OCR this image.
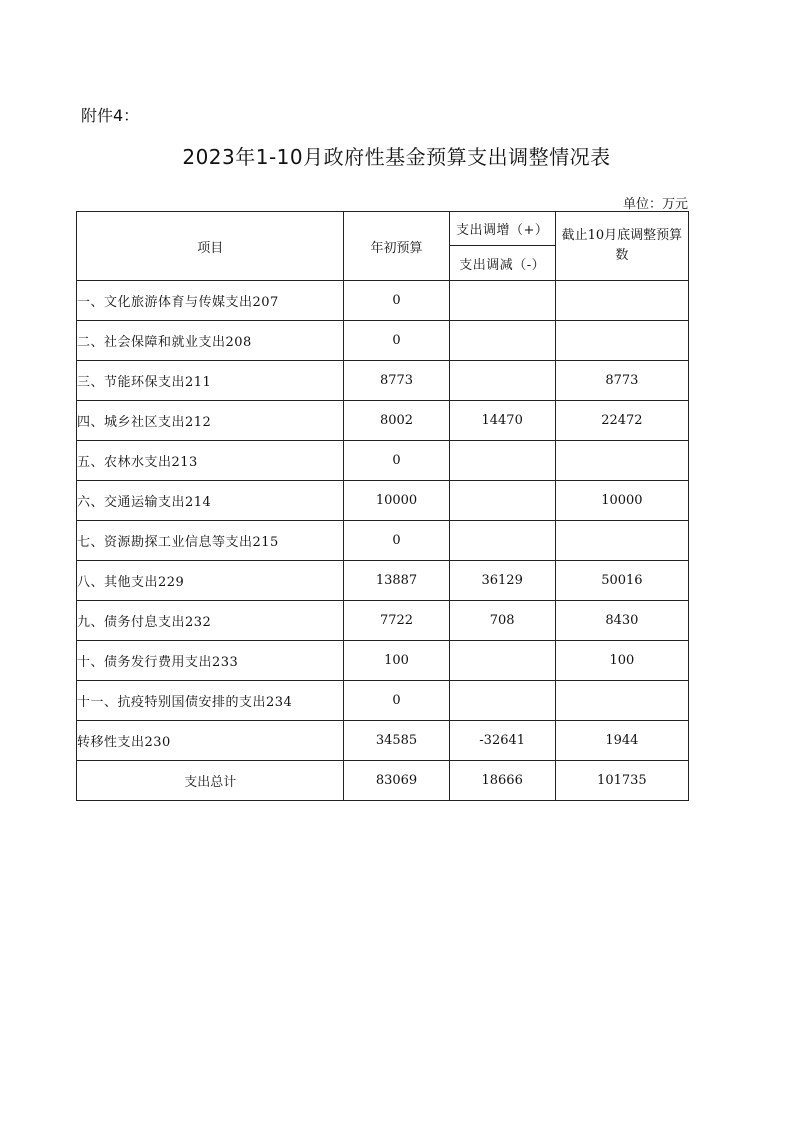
附件4：
2023年1-10月政府性基金预算支出调整情况表
单位：万元
项目	年初预算	支出调增（+）	截止10月底调整预算数
		支出调减（-）	
一、文化旅游体育与传媒支出207	0		
二、社会保障和就业支出208	0		
三、节能环保支出211	8773		8773
四、城乡社区支出212	8002	14470	22472
五、农林水支出213	0		
六、交通运输支出214	10000		10000
七、资源勘探工业信息等支出215	0		
八、其他支出229	13887	36129	50016
九、债务付息支出232	7722	708	8430
十、债务发行费用支出233	100		100
十一、抗疫特别国债安排的支出234	0		
转移性支出230	34585	-32641	1944
支出总计	83069	18666	101735
